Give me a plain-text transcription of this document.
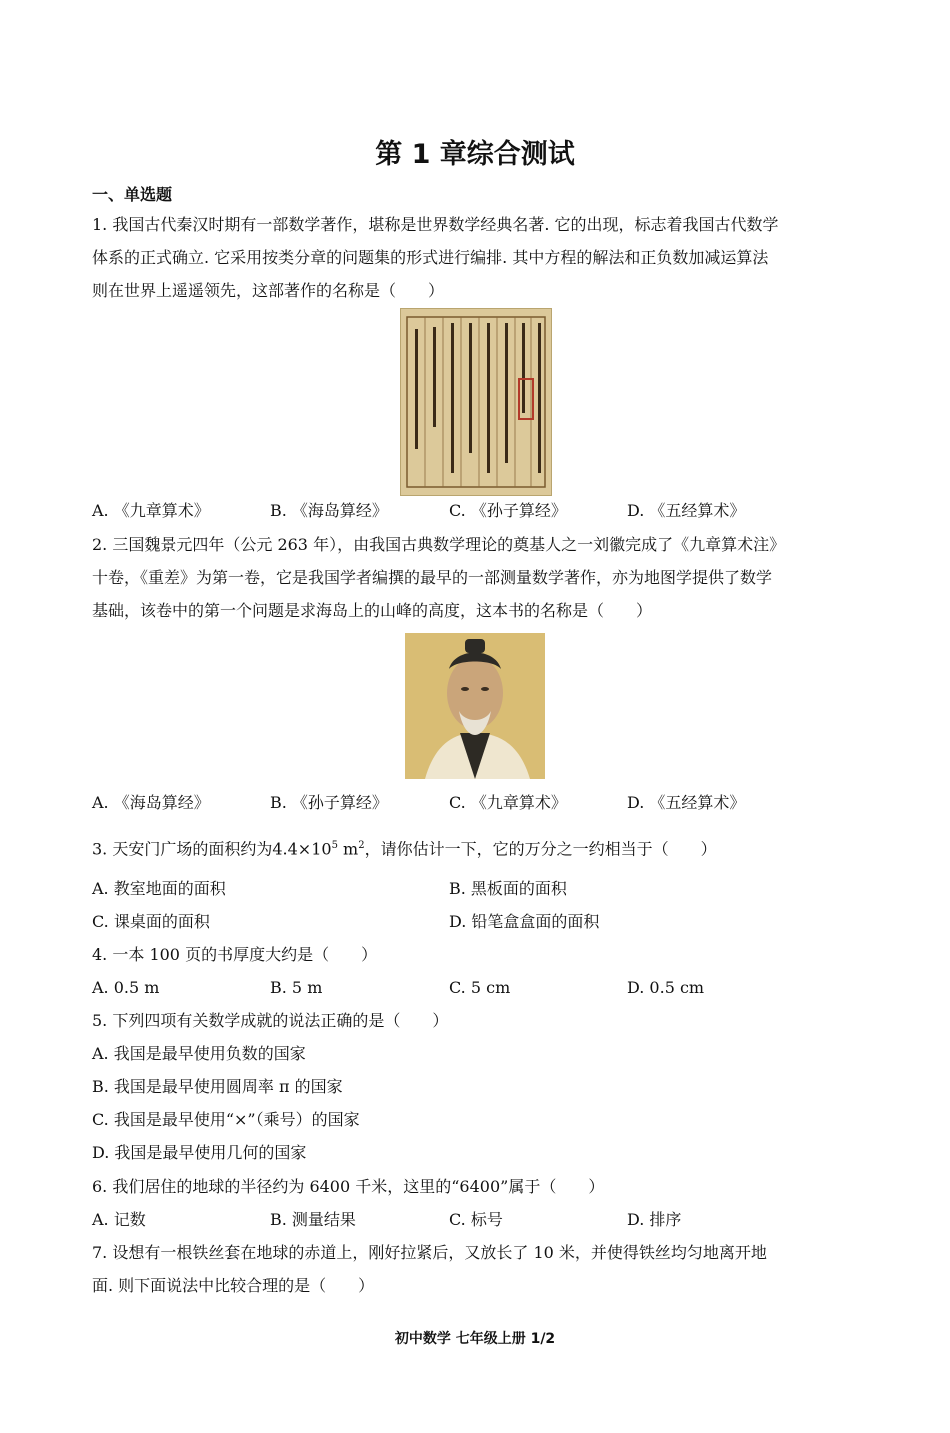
第 1 章综合测试
一、单选题
1. 我国古代秦汉时期有一部数学著作，堪称是世界数学经典名著. 它的出现，标志着我国古代数学
体系的正式确立. 它采用按类分章的问题集的形式进行编排. 其中方程的解法和正负数加减运算法
则在世界上遥遥领先，这部著作的名称是（　　）
A. 《九章算术》	B. 《海岛算经》	C. 《孙子算经》	D. 《五经算术》
2. 三国魏景元四年（公元 263 年），由我国古典数学理论的奠基人之一刘徽完成了《九章算术注》
十卷，《重差》为第一卷，它是我国学者编撰的最早的一部测量数学著作，亦为地图学提供了数学
基础，该卷中的第一个问题是求海岛上的山峰的高度，这本书的名称是（　　）
A. 《海岛算经》	B. 《孙子算经》	C. 《九章算术》	D. 《五经算术》
3. 天安门广场的面积约为$4.4\times 10^5$ $m^2$，请你估计一下，它的万分之一约相当于（　　）
A. 教室地面的面积	B. 黑板面的面积
C. 课桌面的面积	D. 铅笔盒盒面的面积
4. 一本 100 页的书厚度大约是（　　）
A. 0.5 m	B. 5 m	C. 5 cm	D. 0.5 cm
5. 下列四项有关数学成就的说法正确的是（　　）
A. 我国是最早使用负数的国家
B. 我国是最早使用圆周率 π 的国家
C. 我国是最早使用“×”（乘号）的国家
D. 我国是最早使用几何的国家
6. 我们居住的地球的半径约为 6400 千米，这里的“6400”属于（　　）
A. 记数	B. 测量结果	C. 标号	D. 排序
7. 设想有一根铁丝套在地球的赤道上，刚好拉紧后，又放长了 10 米，并使得铁丝均匀地离开地
面. 则下面说法中比较合理的是（　　）
初中数学 七年级上册 1/2
